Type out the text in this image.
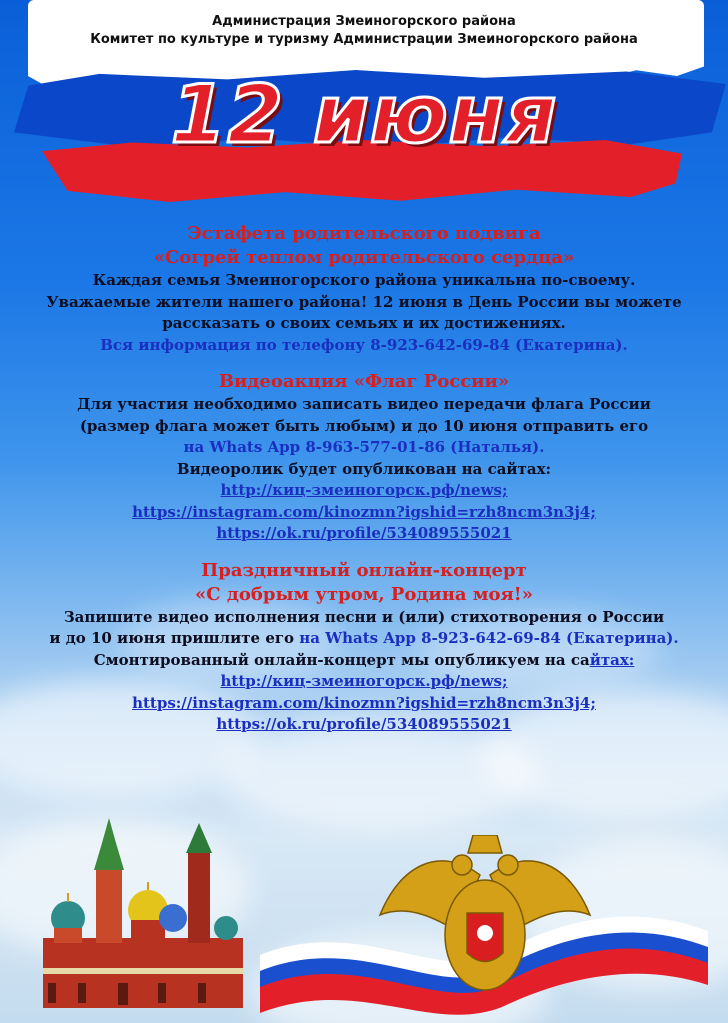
Администрация Змеиногорского района
Комитет по культуре и туризму Администрации Змеиногорского района
12 июня
Эстафета родительского подвига
«Согрей теплом родительского сердца»
Каждая семья Змеиногорского района уникальна по-своему.
Уважаемые жители нашего района! 12 июня в День России вы можете
рассказать о своих семьях и их достижениях.
Вся информация по телефону 8-923-642-69-84 (Екатерина).
Видеоакция «Флаг России»
Для участия необходимо записать видео передачи флага России
(размер флага может быть любым) и до 10 июня отправить его
на Whats App 8-963-577-01-86 (Наталья).
Видеоролик будет опубликован на сайтах:
http://киц-змеиногорск.рф/news;
https://instagram.com/kinozmn?igshid=rzh8ncm3n3j4;
https://ok.ru/profile/534089555021
Праздничный онлайн-концерт
«С добрым утром, Родина моя!»
Запишите видео исполнения песни и (или) стихотворения о России
и до 10 июня пришлите его на Whats App 8-923-642-69-84 (Екатерина).
Смонтированный онлайн-концерт мы опубликуем на сайтах:
http://киц-змеиногорск.рф/news;
https://instagram.com/kinozmn?igshid=rzh8ncm3n3j4;
https://ok.ru/profile/534089555021
